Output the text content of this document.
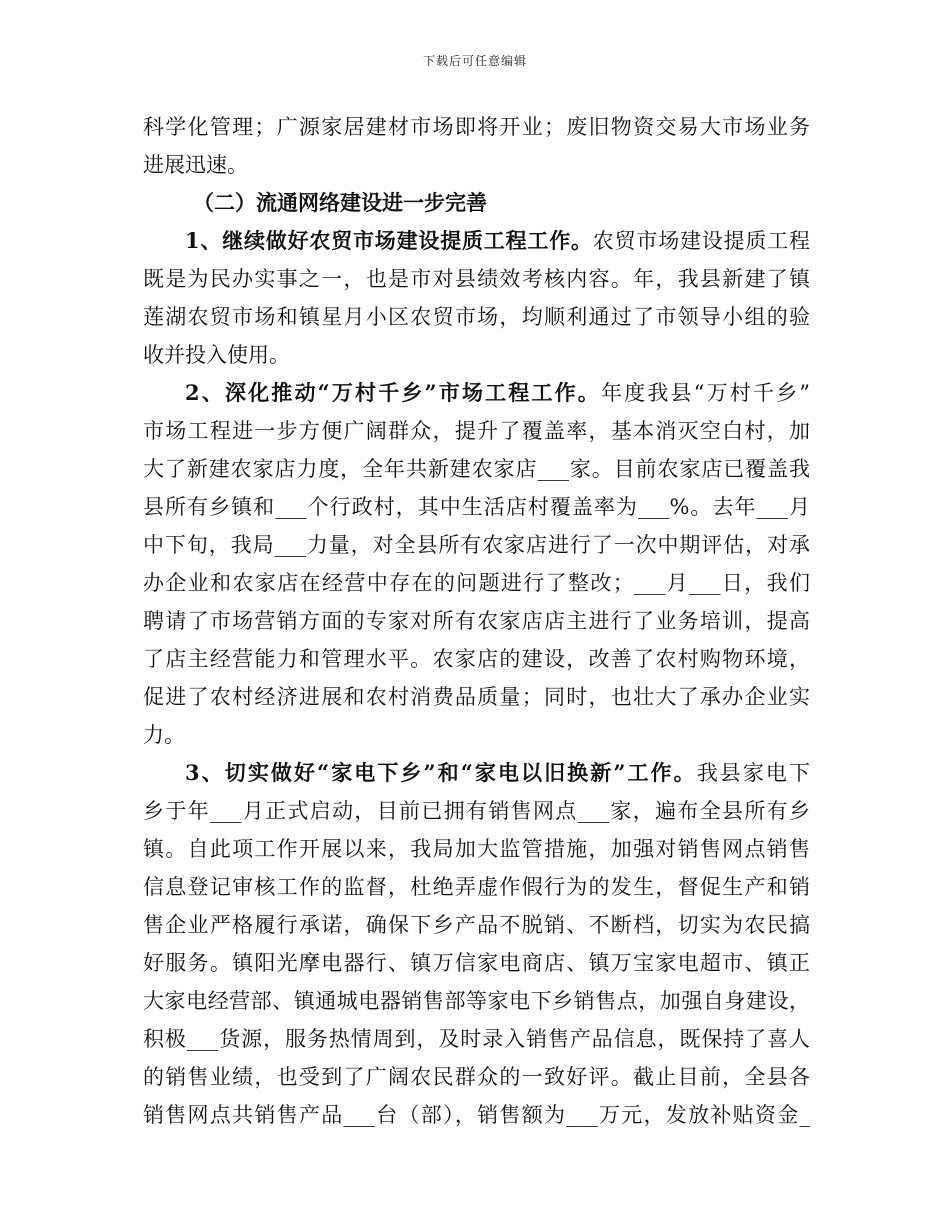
下载后可任意编辑
科学化管理；广源家居建材市场即将开业；废旧物资交易大市场业务
进展迅速。
（二）流通网络建设进一步完善
1、继续做好农贸市场建设提质工程工作。农贸市场建设提质工程
既是为民办实事之一，也是市对县绩效考核内容。年，我县新建了镇
莲湖农贸市场和镇星月小区农贸市场，均顺利通过了市领导小组的验
收并投入使用。
2、深化推动“万村千乡”市场工程工作。年度我县“万村千乡”
市场工程进一步方便广阔群众，提升了覆盖率，基本消灭空白村，加
大了新建农家店力度，全年共新建农家店___家。目前农家店已覆盖我
县所有乡镇和___个行政村，其中生活店村覆盖率为___%。去年___月
中下旬，我局___力量，对全县所有农家店进行了一次中期评估，对承
办企业和农家店在经营中存在的问题进行了整改；___月___日，我们
聘请了市场营销方面的专家对所有农家店店主进行了业务培训，提高
了店主经营能力和管理水平。农家店的建设，改善了农村购物环境，
促进了农村经济进展和农村消费品质量；同时，也壮大了承办企业实
力。
3、切实做好“家电下乡”和“家电以旧换新”工作。我县家电下
乡于年___月正式启动，目前已拥有销售网点___家，遍布全县所有乡
镇。自此项工作开展以来，我局加大监管措施，加强对销售网点销售
信息登记审核工作的监督，杜绝弄虚作假行为的发生，督促生产和销
售企业严格履行承诺，确保下乡产品不脱销、不断档，切实为农民搞
好服务。镇阳光摩电器行、镇万信家电商店、镇万宝家电超市、镇正
大家电经营部、镇通城电器销售部等家电下乡销售点，加强自身建设，
积极___货源，服务热情周到，及时录入销售产品信息，既保持了喜人
的销售业绩，也受到了广阔农民群众的一致好评。截止目前，全县各
销售网点共销售产品___台（部），销售额为___万元，发放补贴资金_
